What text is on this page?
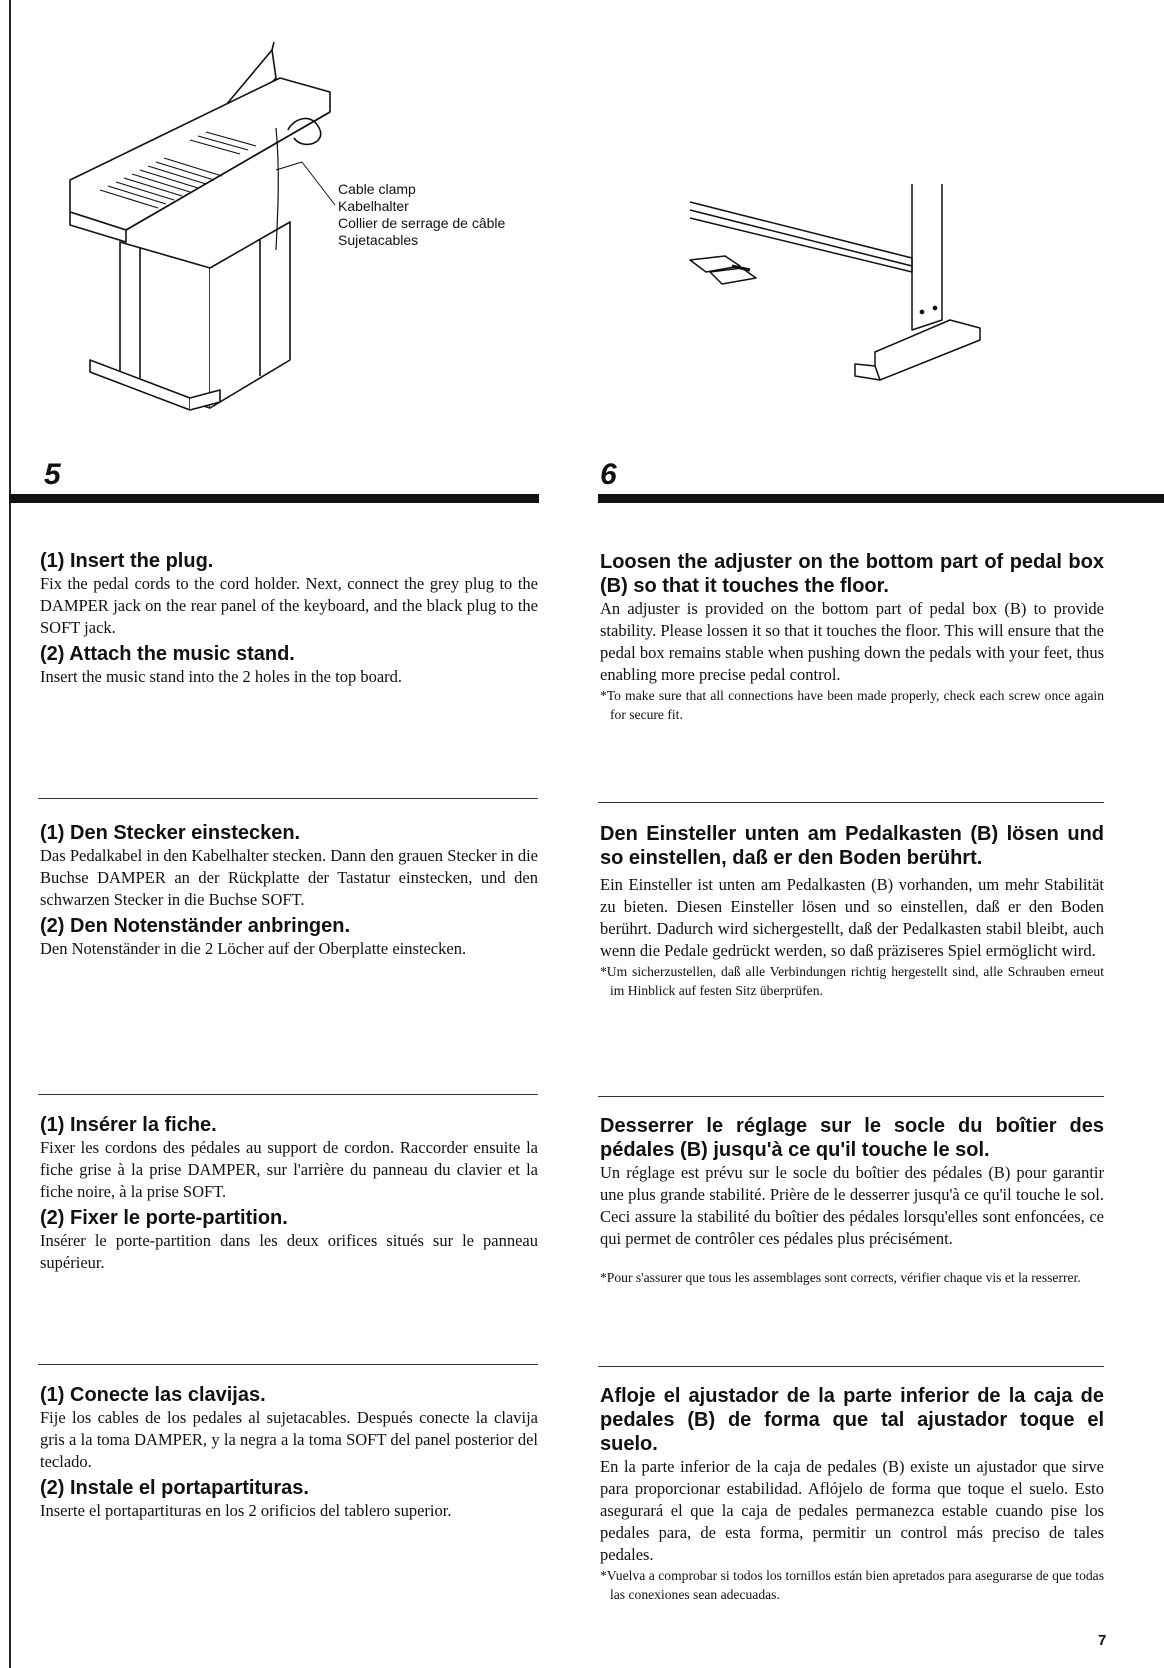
Cable clamp
Kabelhalter
Collier de serrage de câble
Sujetacables
5	6
(1) Insert the plug.

Fix the pedal cords to the cord holder. Next, connect the grey plug to the DAMPER jack on the rear panel of the keyboard, and the black plug to the SOFT jack.

(2) Attach the music stand.

Insert the music stand into the 2 holes in the top board.

Loosen the adjuster on the bottom part of pedal box (B) so that it touches the floor.

An adjuster is provided on the bottom part of pedal box (B) to provide stability. Please lossen it so that it touches the floor. This will ensure that the pedal box remains stable when pushing down the pedals with your feet, thus enabling more precise pedal control.

*To make sure that all connections have been made properly, check each screw once again for secure fit.

(1) Den Stecker einstecken.

Das Pedalkabel in den Kabelhalter stecken. Dann den grauen Stecker in die Buchse DAMPER an der Rückplatte der Tastatur einstecken, und den schwarzen Stecker in die Buchse SOFT.

(2) Den Notenständer anbringen.

Den Notenständer in die 2 Löcher auf der Oberplatte einstecken.

Den Einsteller unten am Pedalkasten (B) lösen und so einstellen, daß er den Boden berührt.

Ein Einsteller ist unten am Pedalkasten (B) vorhanden, um mehr Stabilität zu bieten. Diesen Einsteller lösen und so einstellen, daß er den Boden berührt. Dadurch wird sichergestellt, daß der Pedalkasten stabil bleibt, auch wenn die Pedale gedrückt werden, so daß präziseres Spiel ermöglicht wird.

*Um sicherzustellen, daß alle Verbindungen richtig hergestellt sind, alle Schrauben erneut im Hinblick auf festen Sitz überprüfen.

(1) Insérer la fiche.

Fixer les cordons des pédales au support de cordon. Raccorder ensuite la fiche grise à la prise DAMPER, sur l'arrière du panneau du clavier et la fiche noire, à la prise SOFT.

(2) Fixer le porte-partition.

Insérer le porte-partition dans les deux orifices situés sur le panneau supérieur.

Desserrer le réglage sur le socle du boîtier des pédales (B) jusqu'à ce qu'il touche le sol.

Un réglage est prévu sur le socle du boîtier des pédales (B) pour garantir une plus grande stabilité. Prière de le desserrer jusqu'à ce qu'il touche le sol. Ceci assure la stabilité du boîtier des pédales lorsqu'elles sont enfoncées, ce qui permet de contrôler ces pédales plus précisément.

*Pour s'assurer que tous les assemblages sont corrects, vérifier chaque vis et la resserrer.

(1) Conecte las clavijas.

Fije los cables de los pedales al sujetacables. Después conecte la clavija gris a la toma DAMPER, y la negra a la toma SOFT del panel posterior del teclado.

(2) Instale el portapartituras.

Inserte el portapartituras en los 2 orificios del tablero superior.

Afloje el ajustador de la parte inferior de la caja de pedales (B) de forma que tal ajustador toque el suelo.

En la parte inferior de la caja de pedales (B) existe un ajustador que sirve para proporcionar estabilidad. Aflójelo de forma que toque el suelo. Esto asegurará el que la caja de pedales permanezca estable cuando pise los pedales para, de esta forma, permitir un control más preciso de tales pedales.

*Vuelva a comprobar si todos los tornillos están bien apretados para asegurarse de que todas las conexiones sean adecuadas.

7
